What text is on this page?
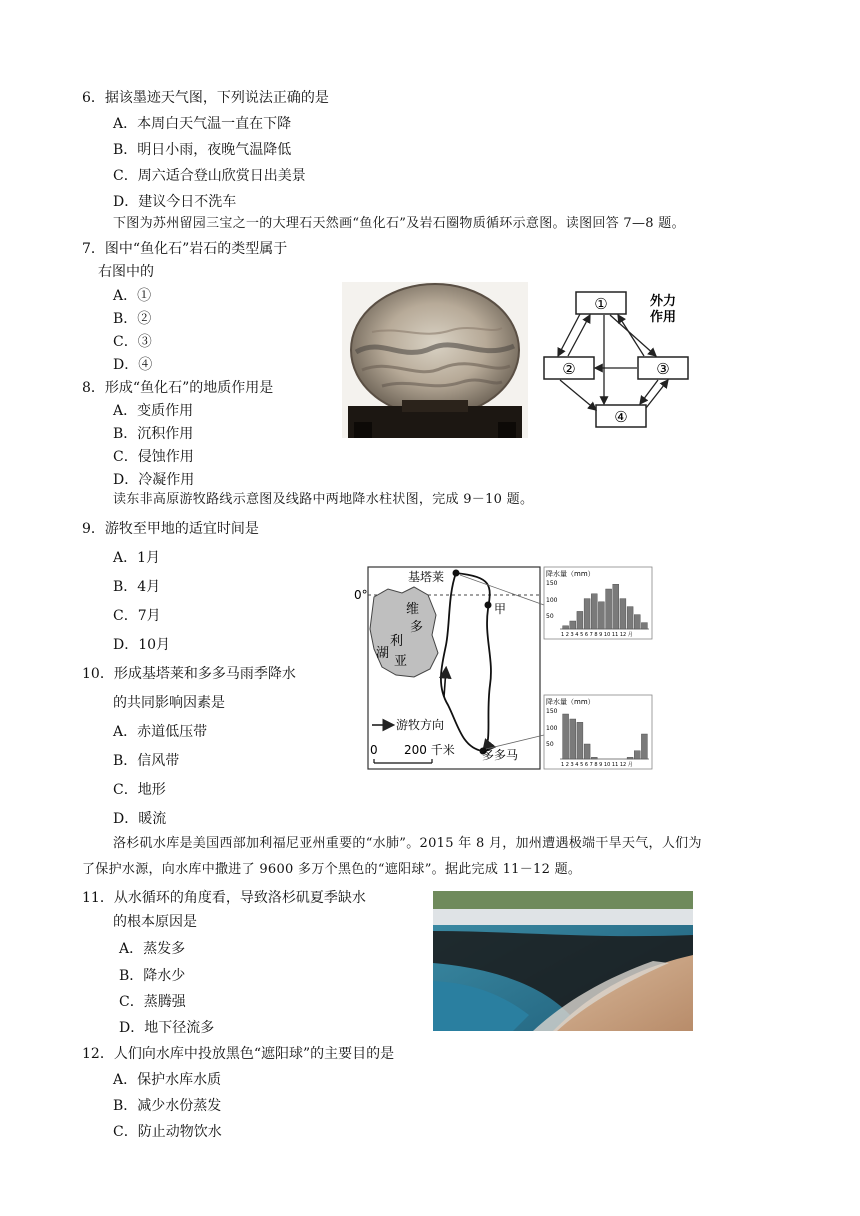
6．据该墨迹天气图，下列说法正确的是
A．本周白天气温一直在下降
B．明日小雨，夜晚气温降低
C．周六适合登山欣赏日出美景
D．建议今日不洗车
下图为苏州留园三宝之一的大理石天然画“鱼化石”及岩石圈物质循环示意图。读图回答 7—8 题。
7．图中“鱼化石”岩石的类型属于
右图中的
A．①
B．②
C．③
D．④
8．形成“鱼化石”的地质作用是
A．变质作用
B．沉积作用
C．侵蚀作用
D．冷凝作用
①
②	③
④
外力
作用
读东非高原游牧路线示意图及线路中两地降水柱状图，完成 9－10 题。
9．游牧至甲地的适宜时间是
A．1月
B．4月
C．7月
D．10月
10．形成基塔莱和多多马雨季降水
的共同影响因素是
A．赤道低压带
B．信风带
C．地形
D．暖流
0°
维
多
利
亚
湖
基塔莱
甲
多多马
游牧方向
0 200 千米
降水量（mm）
150
100
50
1 2 3 4 5 6 7 8 9 10 11 12 月
降水量（mm）
150
100
50
1 2 3 4 5 6 7 8 9 10 11 12 月
洛杉矶水库是美国西部加利福尼亚州重要的“水肺”。2015 年 8 月，加州遭遇极端干旱天气，人们为
了保护水源，向水库中撒进了 9600 多万个黑色的“遮阳球”。据此完成 11－12 题。
11．从水循环的角度看，导致洛杉矶夏季缺水
的根本原因是
A．蒸发多
B．降水少
C．蒸腾强
D．地下径流多
12．人们向水库中投放黑色“遮阳球”的主要目的是
A．保护水库水质
B．减少水份蒸发
C．防止动物饮水
